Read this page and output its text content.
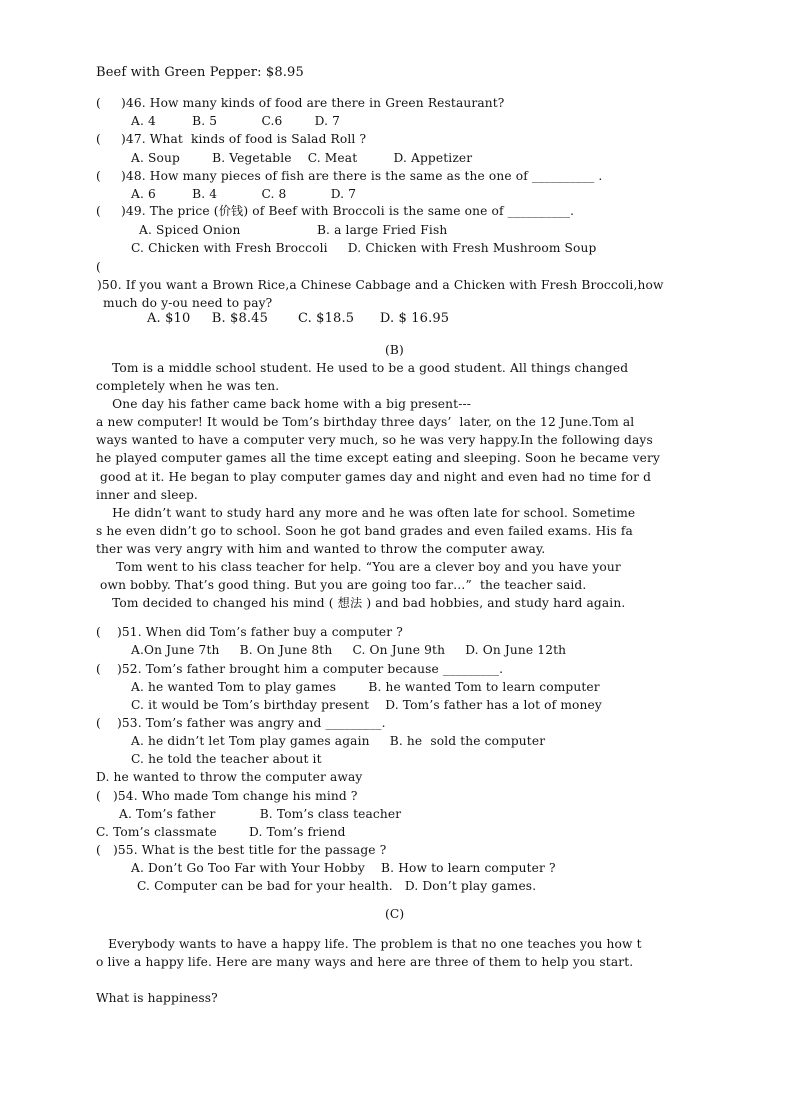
Beef with Green Pepper: $8.95
(     )46. How many kinds of food are there in Green Restaurant?
A. 4         B. 5           C.6        D. 7
(     )47. What  kinds of food is Salad Roll ?
A. Soup        B. Vegetable    C. Meat         D. Appetizer
(     )48. How many pieces of fish are there is the same as the one of __________ .
A. 6         B. 4           C. 8           D. 7
(     )49. The price (价钱) of Beef with Broccoli is the same one of __________.
A. Spiced Onion                   B. a large Fried Fish
C. Chicken with Fresh Broccoli     D. Chicken with Fresh Mushroom Soup
(
)50. If you want a Brown Rice,a Chinese Cabbage and a Chicken with Fresh Broccoli,how
much do y-ou need to pay?
A. $10     B. $8.45       C. $18.5      D. $ 16.95
(B)
Tom is a middle school student. He used to be a good student. All things changed
completely when he was ten.
One day his father came back home with a big present---
a new computer! It would be Tom’s birthday three days’  later, on the 12 June.Tom al
ways wanted to have a computer very much, so he was very happy.In the following days
he played computer games all the time except eating and sleeping. Soon he became very
good at it. He began to play computer games day and night and even had no time for d
inner and sleep.
He didn’t want to study hard any more and he was often late for school. Sometime
s he even didn’t go to school. Soon he got band grades and even failed exams. His fa
ther was very angry with him and wanted to throw the computer away.
Tom went to his class teacher for help. “You are a clever boy and you have your
own bobby. That’s good thing. But you are going too far…”  the teacher said.
Tom decided to changed his mind ( 想法 ) and bad hobbies, and study hard again.
(    )51. When did Tom’s father buy a computer ?
A.On June 7th     B. On June 8th     C. On June 9th     D. On June 12th
(    )52. Tom’s father brought him a computer because _________.
A. he wanted Tom to play games        B. he wanted Tom to learn computer
C. it would be Tom’s birthday present    D. Tom’s father has a lot of money
(    )53. Tom’s father was angry and _________.
A. he didn’t let Tom play games again     B. he  sold the computer
C. he told the teacher about it
D. he wanted to throw the computer away
(   )54. Who made Tom change his mind ?
A. Tom’s father           B. Tom’s class teacher
C. Tom’s classmate        D. Tom’s friend
(   )55. What is the best title for the passage ?
A. Don’t Go Too Far with Your Hobby    B. How to learn computer ?
C. Computer can be bad for your health.   D. Don’t play games.
(C)
Everybody wants to have a happy life. The problem is that no one teaches you how t
o live a happy life. Here are many ways and here are three of them to help you start.
What is happiness?
